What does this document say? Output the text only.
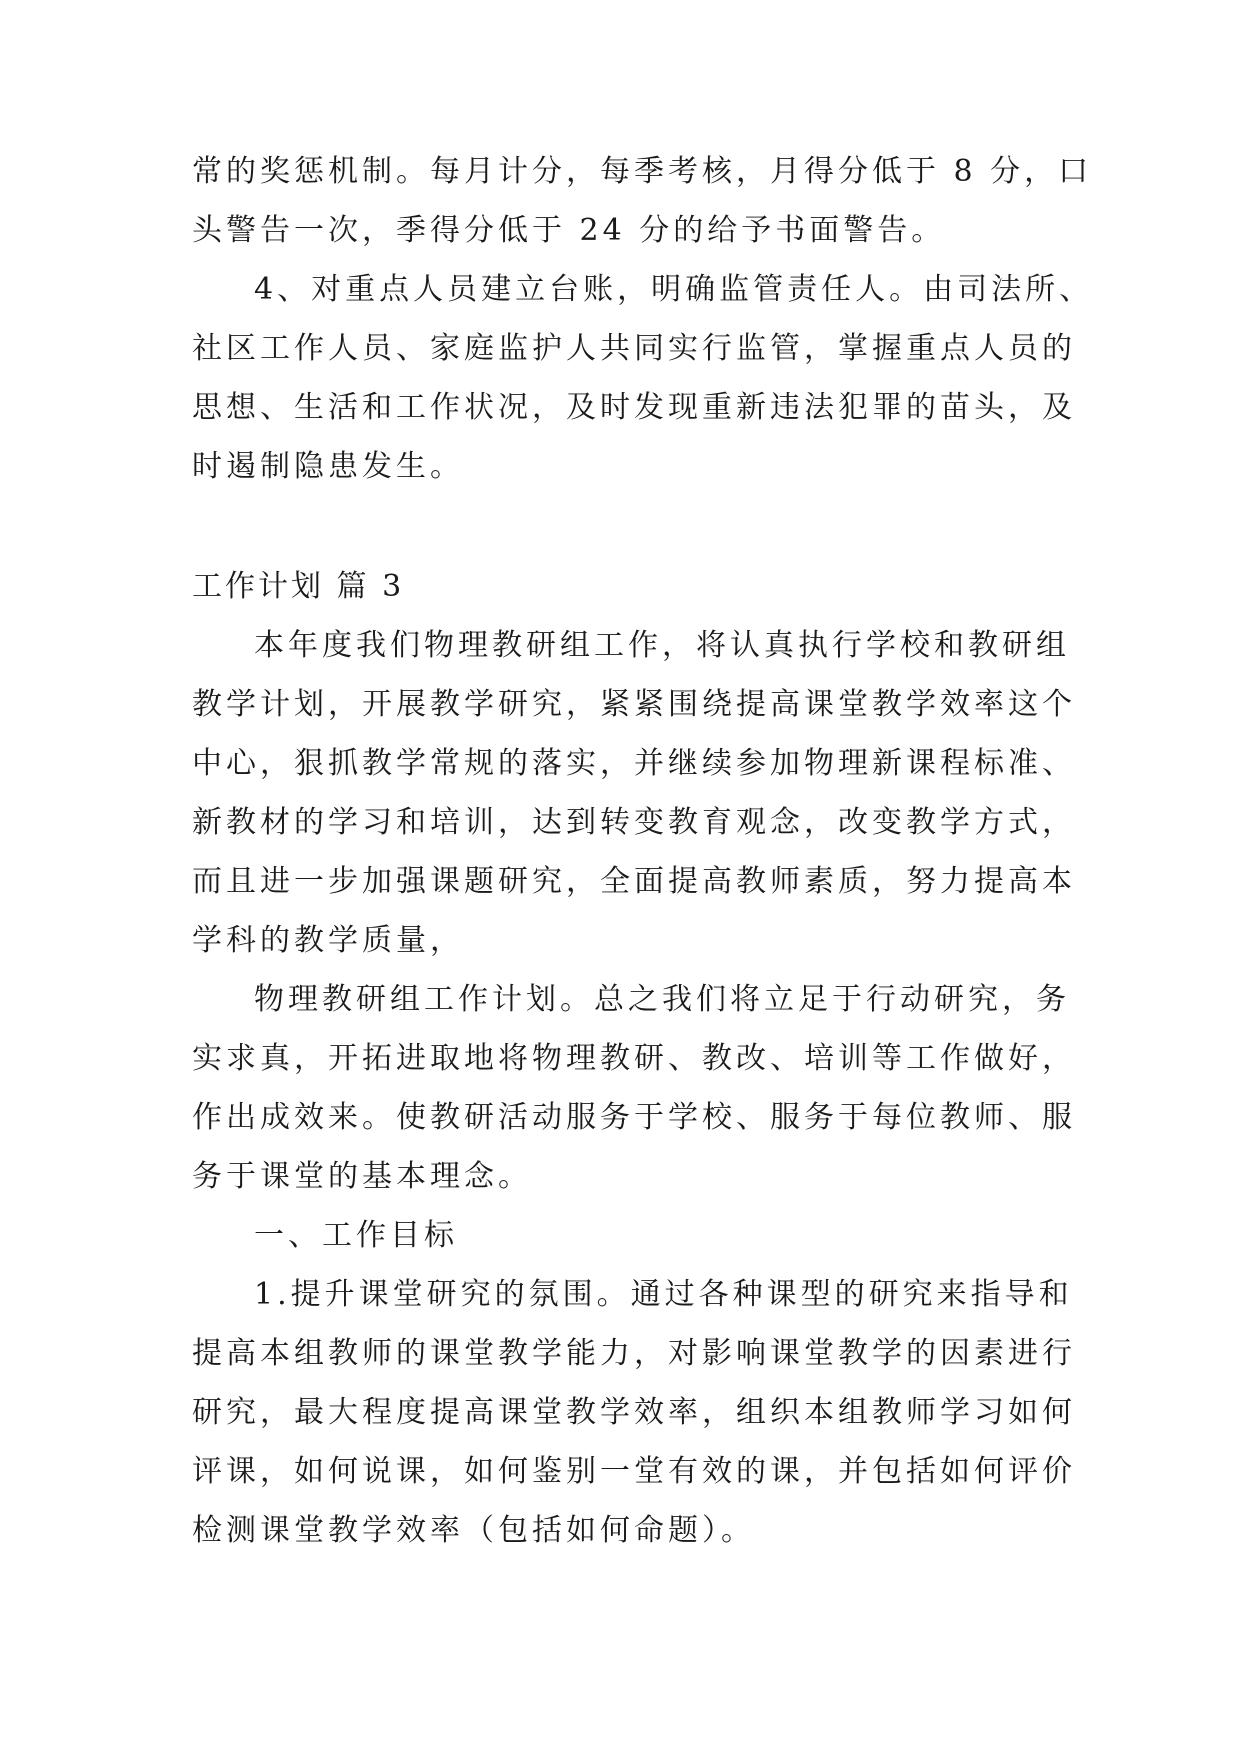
常的奖惩机制。每月计分，每季考核，月得分低于 8 分，口
头警告一次，季得分低于 24 分的给予书面警告。
4、对重点人员建立台账，明确监管责任人。由司法所、
社区工作人员、家庭监护人共同实行监管，掌握重点人员的
思想、生活和工作状况，及时发现重新违法犯罪的苗头，及
时遏制隐患发生。
工作计划 篇 3
本年度我们物理教研组工作，将认真执行学校和教研组
教学计划，开展教学研究，紧紧围绕提高课堂教学效率这个
中心，狠抓教学常规的落实，并继续参加物理新课程标准、
新教材的学习和培训，达到转变教育观念，改变教学方式，
而且进一步加强课题研究，全面提高教师素质，努力提高本
学科的教学质量，
物理教研组工作计划。总之我们将立足于行动研究，务
实求真，开拓进取地将物理教研、教改、培训等工作做好，
作出成效来。使教研活动服务于学校、服务于每位教师、服
务于课堂的基本理念。
一、工作目标
1.提升课堂研究的氛围。通过各种课型的研究来指导和
提高本组教师的课堂教学能力，对影响课堂教学的因素进行
研究，最大程度提高课堂教学效率，组织本组教师学习如何
评课，如何说课，如何鉴别一堂有效的课，并包括如何评价
检测课堂教学效率（包括如何命题）。
